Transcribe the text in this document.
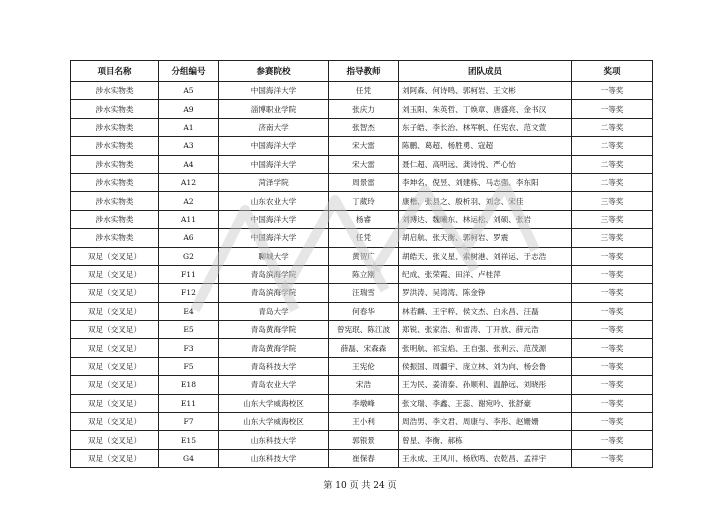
项目名称	分组编号	参赛院校	指导教师	团队成员	奖项
涉水实物类	A5	中国海洋大学	任凭	刘阿森、何诗鸣、郭柯岩、王文彬	一等奖
涉水实物类	A9	淄博职业学院	张庆力	刘玉阳、朱英哲、丁焕章、唐盛亮、金书汉	一等奖
涉水实物类	A1	济南大学	张智杰	东子皓、李长治、林军帆、任宪农、范文萱	二等奖
涉水实物类	A3	中国海洋大学	宋大雷	陈鹏、葛超、杨胜勇、寇超	二等奖
涉水实物类	A4	中国海洋大学	宋大雷	聂仁超、高明远、龚诗悦、严心怡	二等奖
涉水实物类	A12	菏泽学院	周景雷	李坤名、倪昱、刘建栋、马志强、李东阳	二等奖
涉水实物类	A2	山东农业大学	丁葳玲	康楷、张县之、殷析羽、刘念、宋佳	三等奖
涉水实物类	A11	中国海洋大学	杨睿	刘博达、魏曦东、林运松、刘硕、张岩	三等奖
涉水实物类	A6	中国海洋大学	任凭	胡启航、张天衡、郭柯岩、罗震	三等奖
双足（交叉足）	G2	聊城大学	黄贺广	胡皓天、张义星、索树港、刘祥运、于志浩	一等奖
双足（交叉足）	F11	青岛滨海学院	陈立刚	纪成、张荣霞、田洋、卢桂萍	一等奖
双足（交叉足）	F12	青岛滨海学院	汪瑞雪	罗洪涛、吴湾湾、陈金铮	一等奖
双足（交叉足）	E4	青岛大学	何春华	林若麟、王宇粹、侯文杰、白永昌、汪磊	一等奖
双足（交叉足）	E5	青岛黄海学院	曾宪珉、陈江波	郑锐、张家浩、和雷涛、丁开放、薛元浩	一等奖
双足（交叉足）	F3	青岛黄海学院	薛磊、宋森森	张明航、祁宝焰、王自强、张利云、范茂源	一等奖
双足（交叉足）	F5	青岛科技大学	王宪伦	侯振国、周疆宇、庞立林、刘为向、杨会鲁	一等奖
双足（交叉足）	E18	青岛农业大学	宋浩	王为民、姜清泰、孙顺利、温静远、刘晓彤	一等奖
双足（交叉足）	E11	山东大学威海校区	李墩峰	张文瑞、李鑫、王蕊、谢宛吟、张舒豪	一等奖
双足（交叉足）	F7	山东大学威海校区	王小利	周浩男、李文君、周康与、李彤、赵姗姗	一等奖
双足（交叉足）	E15	山东科技大学	郭银景	曾星、李衡、郝栋	一等奖
双足（交叉足）	G4	山东科技大学	崔保春	王永成、王风川、杨欣鸣、农乾昌、孟祥宇	一等奖
第 10 页 共 24 页
